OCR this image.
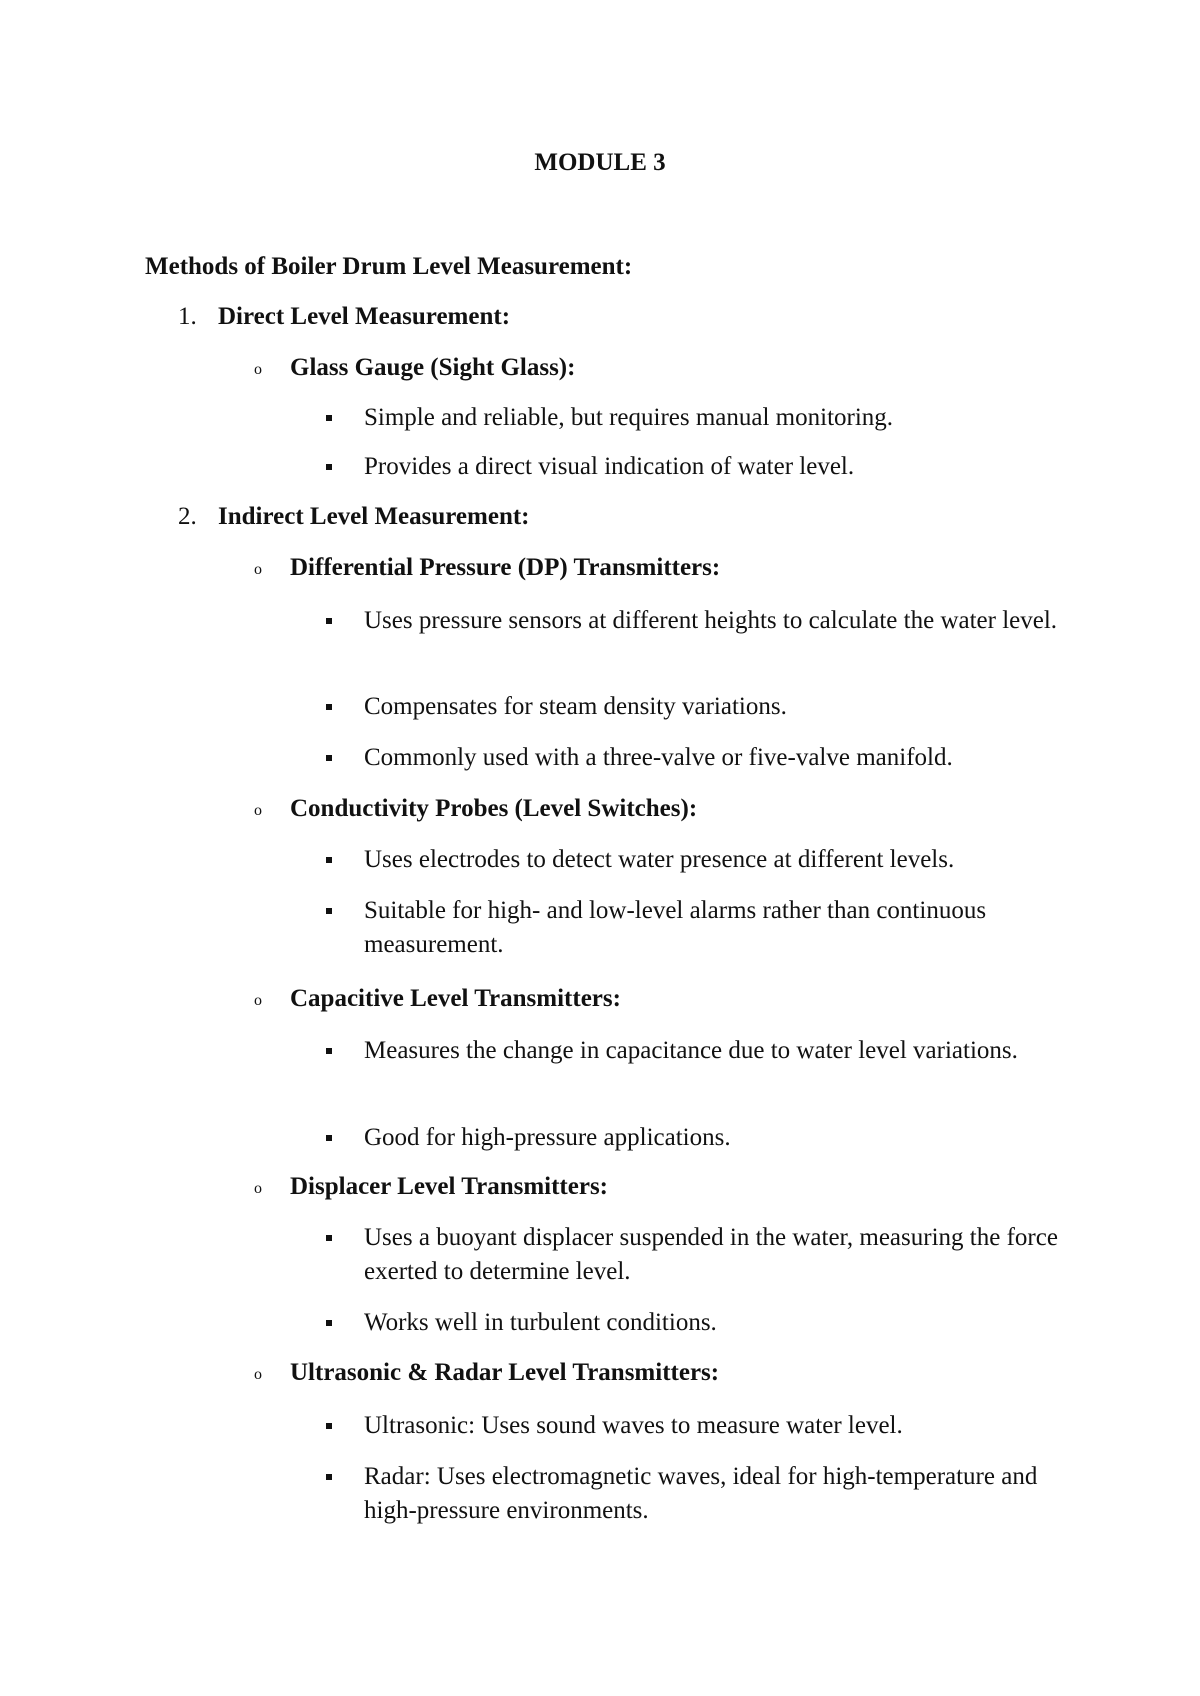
MODULE 3
Methods of Boiler Drum Level Measurement:
1. Direct Level Measurement:
o Glass Gauge (Sight Glass):
Simple and reliable, but requires manual monitoring.
Provides a direct visual indication of water level.
2. Indirect Level Measurement:
o Differential Pressure (DP) Transmitters:
Uses pressure sensors at different heights to calculate the water level.
Compensates for steam density variations.
Commonly used with a three-valve or five-valve manifold.
o Conductivity Probes (Level Switches):
Uses electrodes to detect water presence at different levels.
Suitable for high- and low-level alarms rather than continuous measurement.
o Capacitive Level Transmitters:
Measures the change in capacitance due to water level variations.
Good for high-pressure applications.
o Displacer Level Transmitters:
Uses a buoyant displacer suspended in the water, measuring the force exerted to determine level.
Works well in turbulent conditions.
o Ultrasonic & Radar Level Transmitters:
Ultrasonic: Uses sound waves to measure water level.
Radar: Uses electromagnetic waves, ideal for high-temperature and high-pressure environments.
